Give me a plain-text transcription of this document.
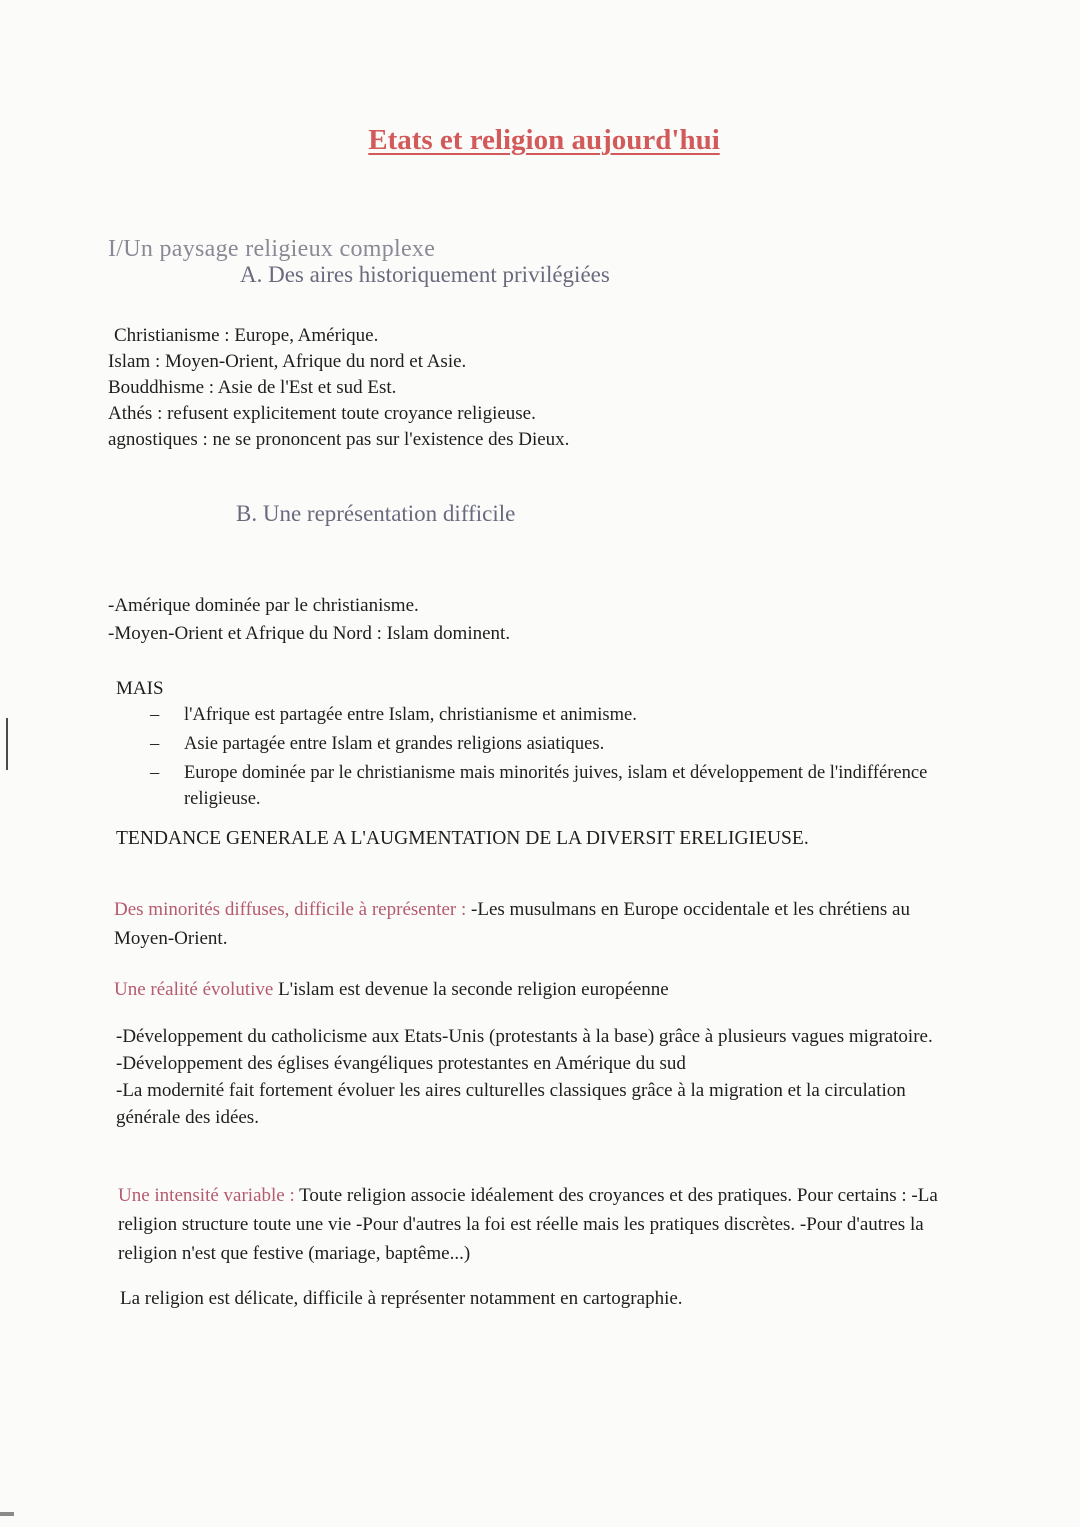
Etats et religion aujourd'hui
I/Un paysage religieux complexe
A. Des aires historiquement privilégiées
Christianisme : Europe, Amérique.
Islam : Moyen-Orient, Afrique du nord et Asie.
Bouddhisme : Asie de l'Est et sud Est.
Athés : refusent explicitement toute croyance religieuse.
agnostiques : ne se prononcent pas sur l'existence des Dieux.
B. Une représentation difficile
-Amérique dominée par le christianisme.
-Moyen-Orient et Afrique du Nord : Islam dominent.
MAIS
– l'Afrique est partagée entre Islam, christianisme et animisme.
– Asie partagée entre Islam et grandes religions asiatiques.
– Europe dominée par le christianisme mais minorités juives, islam et développement de l'indifférence religieuse.
TENDANCE GENERALE A L'AUGMENTATION DE LA DIVERSIT ERELIGIEUSE.
Des minorités diffuses, difficile à représenter : -Les musulmans en Europe occidentale et les chrétiens au Moyen-Orient.
Une réalité évolutive L'islam est devenue la seconde religion européenne
-Développement du catholicisme aux Etats-Unis (protestants à la base) grâce à plusieurs vagues migratoire.
-Développement des églises évangéliques protestantes en Amérique du sud
-La modernité fait fortement évoluer les aires culturelles classiques grâce à la migration et la circulation générale des idées.
Une intensité variable : Toute religion associe idéalement des croyances et des pratiques. Pour certains : -La religion structure toute une vie -Pour d'autres la foi est réelle mais les pratiques discrètes. -Pour d'autres la religion n'est que festive (mariage, baptême...)
La religion est délicate, difficile à représenter notamment en cartographie.
